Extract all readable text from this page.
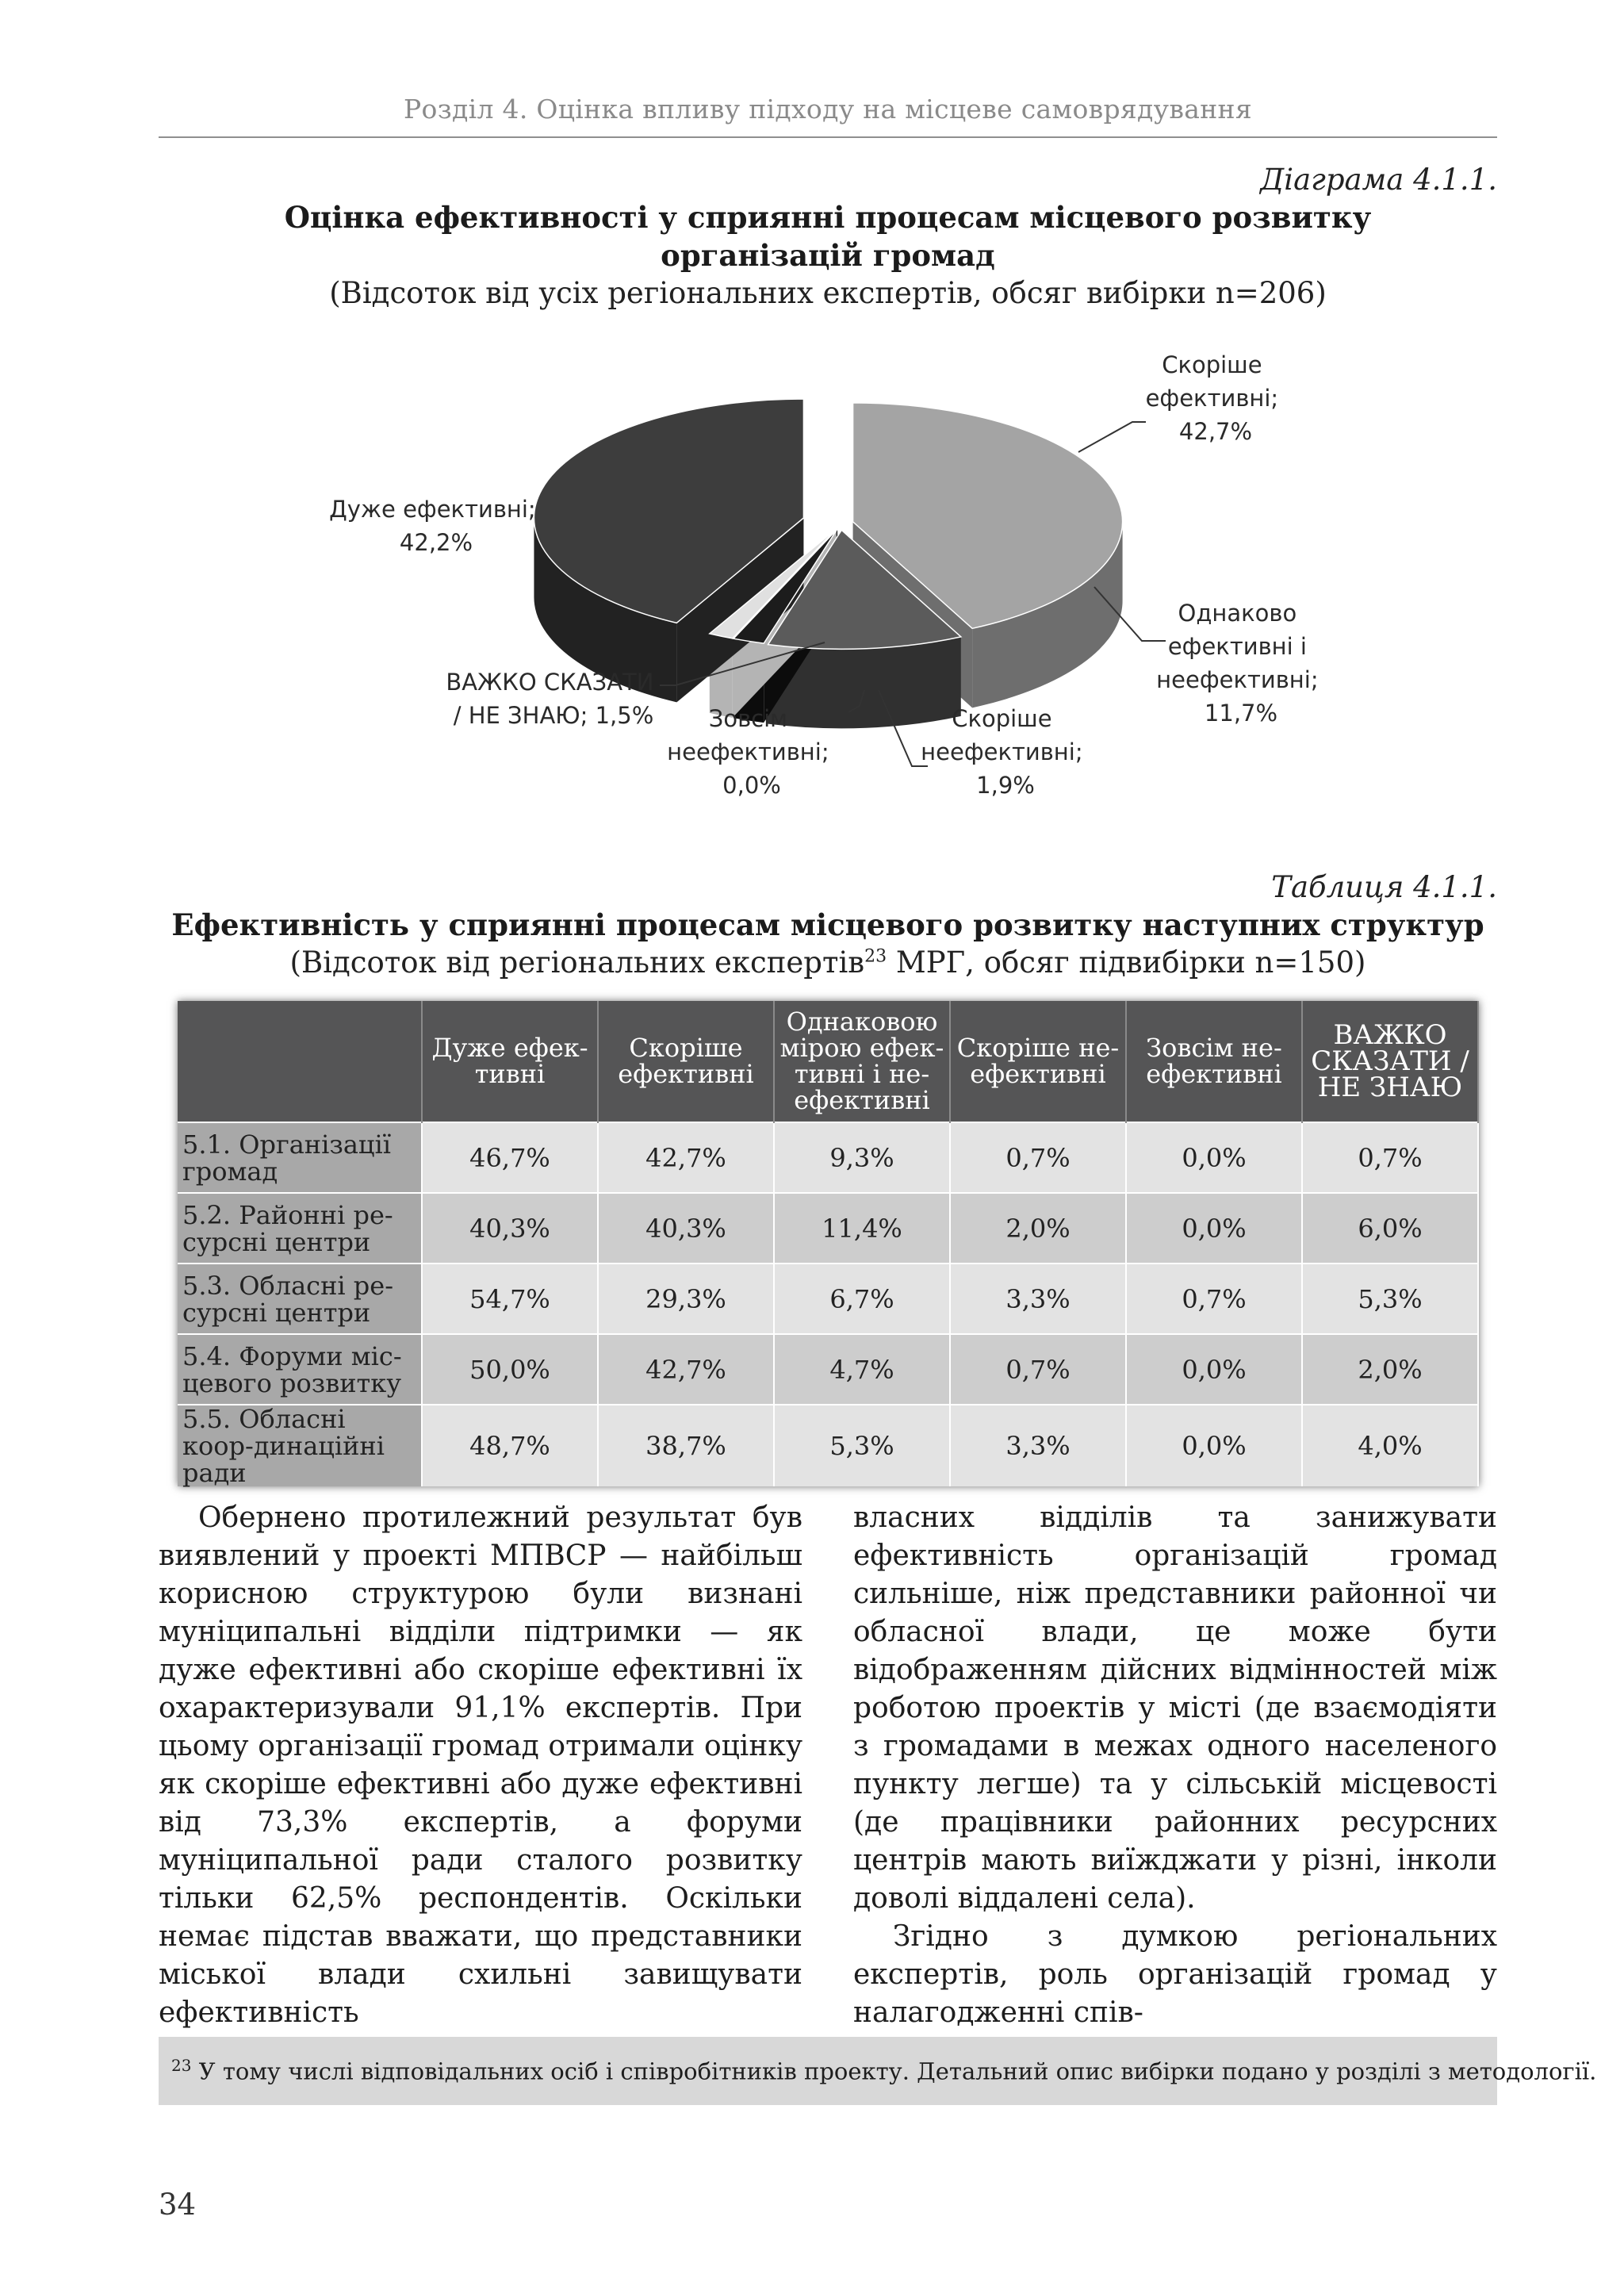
Розділ 4. Оцінка впливу підходу на місцеве самоврядування
Діаграма 4.1.1.
Оцінка ефективності у сприянні процесам місцевого розвитку
організацій громад
(Відсоток від усіх регіональних експертів, обсяг вибірки n=206)
Скоріше ефективні; 42,7%
Однаково ефективні і неефективні; 11,7%
Скоріше неефективні; 1,9%
Зовсім неефективні; 0,0%
ВАЖКО СКАЗАТИ / НЕ ЗНАЮ; 1,5%
Дуже ефективні; 42,2%
Таблиця 4.1.1.
Ефективність у сприянні процесам місцевого розвитку наступних структур
(Відсоток від регіональних експертів$^{23}$ МРГ, обсяг підвибірки n=150)
	Дуже ефек-тивні	Скоріше ефективні	Однаковою мірою ефек-тивні і не-ефективні	Скоріше не-ефективні	Зовсім не-ефективні	ВАЖКО СКАЗАТИ / НЕ ЗНАЮ
5.1. Організації громад	46,7%	42,7%	9,3%	0,7%	0,0%	0,7%
5.2. Районні ре-сурсні центри	40,3%	40,3%	11,4%	2,0%	0,0%	6,0%
5.3. Обласні ре-сурсні центри	54,7%	29,3%	6,7%	3,3%	0,7%	5,3%
5.4. Форуми міс-цевого розвитку	50,0%	42,7%	4,7%	0,7%	0,0%	2,0%
5.5. Обласні коор-динаційні ради	48,7%	38,7%	5,3%	3,3%	0,0%	4,0%

Обернено протилежний результат був виявлений у проекті МПВСР — найбільш корисною структурою були визнані муніципальні відділи підтримки — як дуже ефективні або скоріше ефективні їх охарактеризували 91,1% експертів. При цьому організації громад отримали оцінку як скоріше ефективні або дуже ефективні від 73,3% експертів, а форуми муніципальної ради сталого розвитку тільки 62,5% респондентів. Оскільки немає підстав вважати, що представники міської влади схильні завищувати ефективність

власних відділів та занижувати ефективність організацій громад сильніше, ніж представники районної чи обласної влади, це може бути відображенням дійсних відмінностей між роботою проектів у місті (де взаємодіяти з громадами в межах одного населеного пункту легше) та у сільській місцевості (де працівники районних ресурсних центрів мають виїжджати у різні, інколи доволі віддалені села).

Згідно з думкою регіональних експертів, роль організацій громад у налагодженні спів-

$^{23}$ У тому числі відповідальних осіб і співробітників проекту. Детальний опис вибірки подано у розділі з методології.
34
